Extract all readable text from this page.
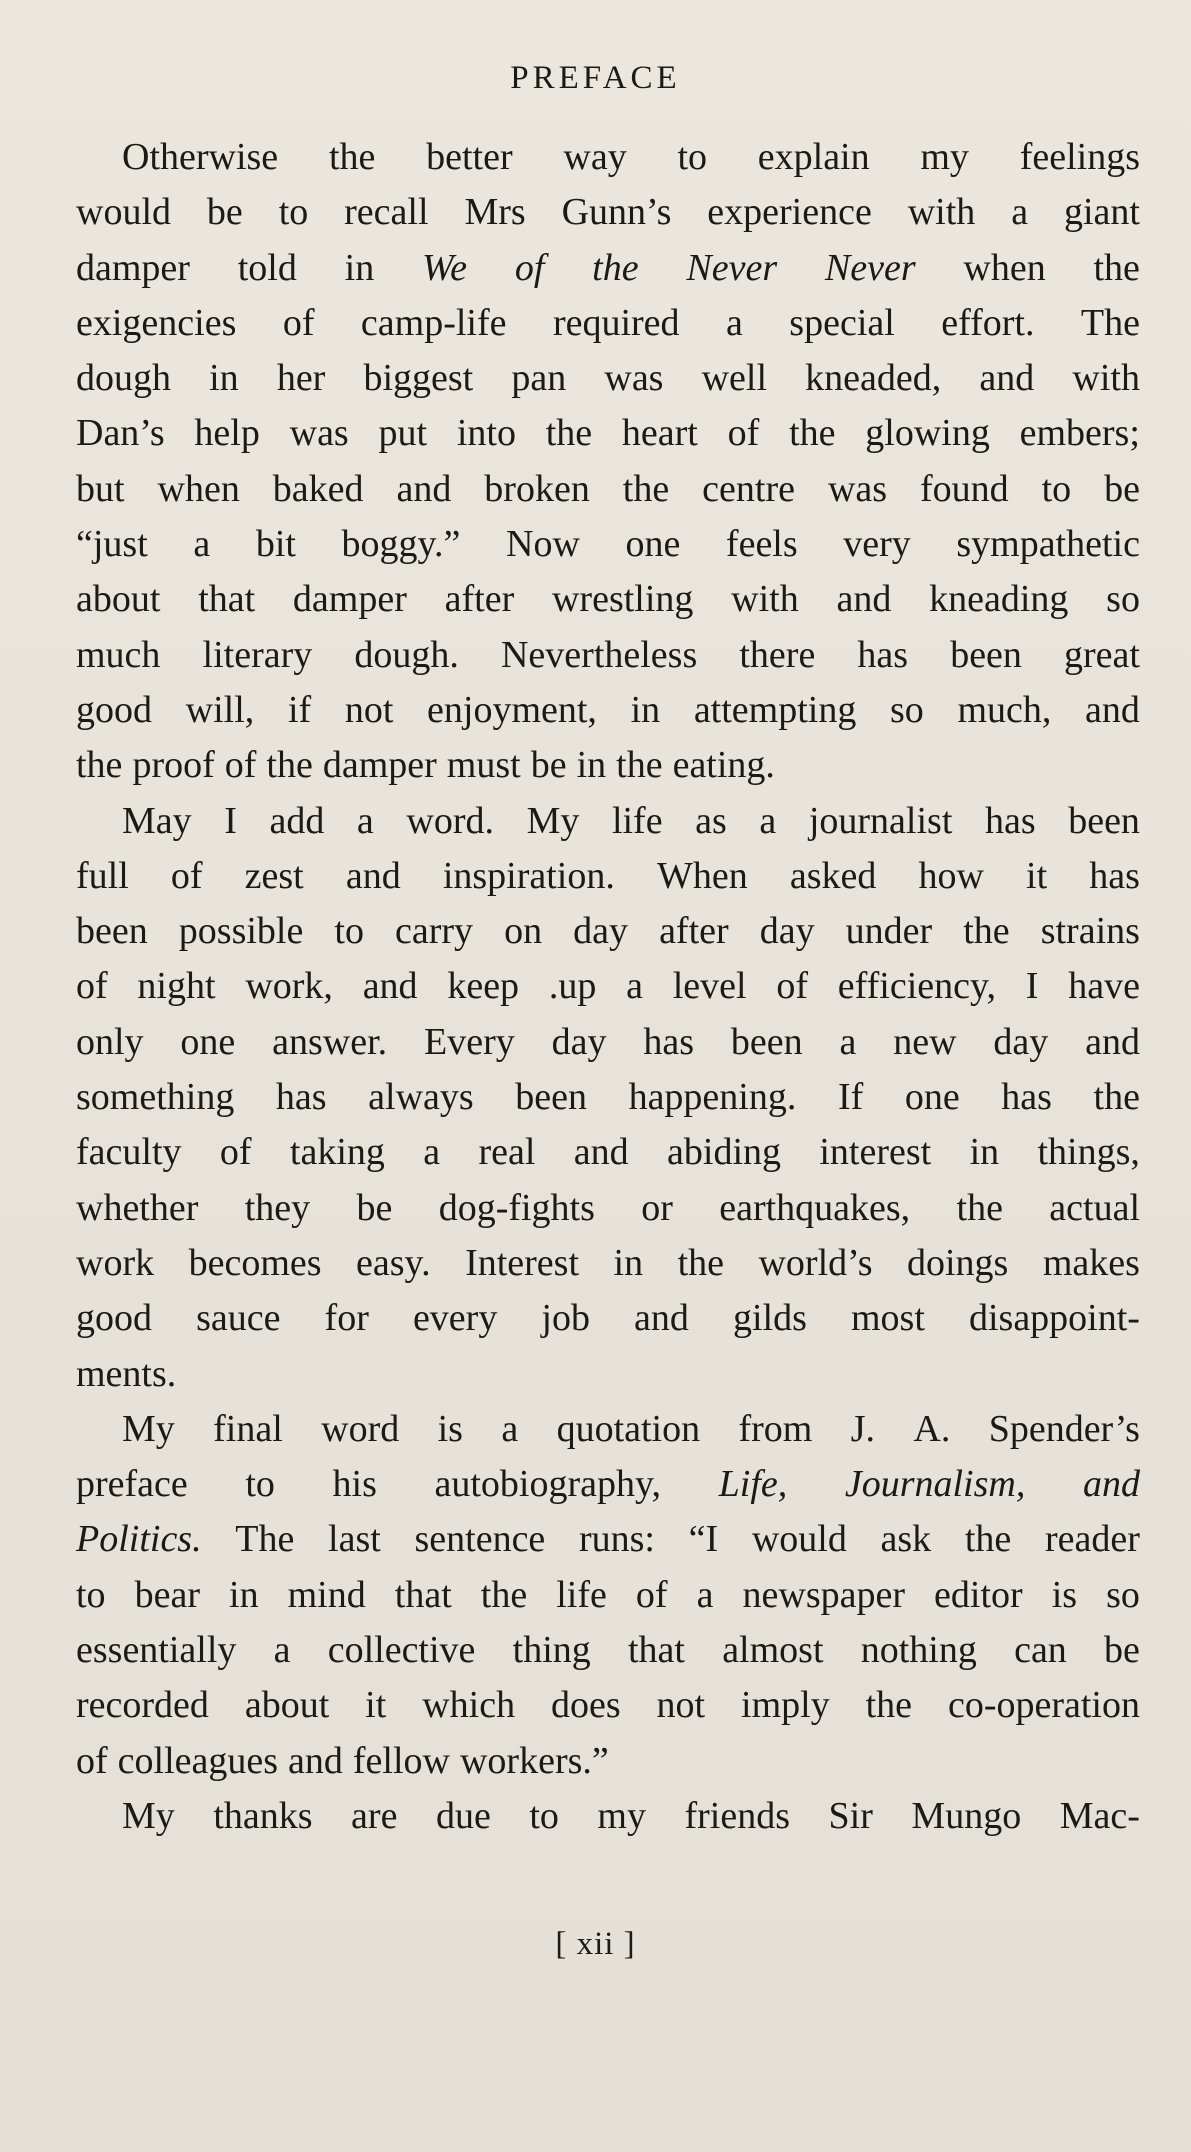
PREFACE
Otherwise the better way to explain my feelings
would be to recall Mrs Gunn’s experience with a giant
damper told in We of the Never Never when the
exigencies of camp-life required a special effort. The
dough in her biggest pan was well kneaded, and with
Dan’s help was put into the heart of the glowing embers;
but when baked and broken the centre was found to be
“just a bit boggy.” Now one feels very sympathetic
about that damper after wrestling with and kneading so
much literary dough. Nevertheless there has been great
good will, if not enjoyment, in attempting so much, and
the proof of the damper must be in the eating.
May I add a word. My life as a journalist has been
full of zest and inspiration. When asked how it has
been possible to carry on day after day under the strains
of night work, and keep .up a level of efficiency, I have
only one answer. Every day has been a new day and
something has always been happening. If one has the
faculty of taking a real and abiding interest in things,
whether they be dog-fights or earthquakes, the actual
work becomes easy. Interest in the world’s doings makes
good sauce for every job and gilds most disappoint-
ments.
My final word is a quotation from J. A. Spender’s
preface to his autobiography, Life, Journalism, and
Politics. The last sentence runs: “I would ask the reader
to bear in mind that the life of a newspaper editor is so
essentially a collective thing that almost nothing can be
recorded about it which does not imply the co-operation
of colleagues and fellow workers.”
My thanks are due to my friends Sir Mungo Mac-
[ xii ]
